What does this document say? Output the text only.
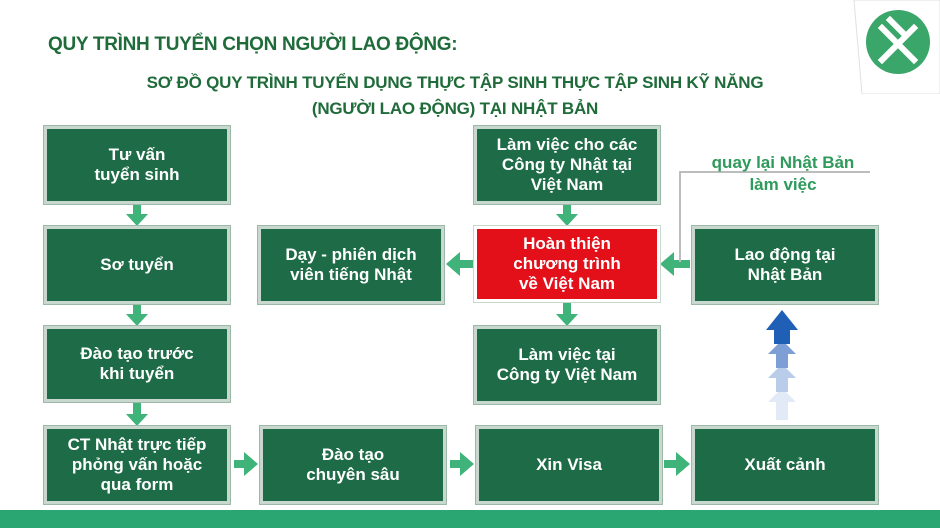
QUY TRÌNH TUYỂN CHỌN NGƯỜI LAO ĐỘNG:
SƠ ĐỒ QUY TRÌNH TUYỂN DỤNG THỰC TẬP SINH THỰC TẬP SINH KỸ NĂNG
(NGƯỜI LAO ĐỘNG) TẠI NHẬT BẢN
Tư vấn
tuyển sinh
Sơ tuyển
Đào tạo trước
khi tuyển
CT Nhật trực tiếp
phỏng vấn hoặc
qua form
Đào tạo
chuyên sâu
Xin Visa	Xuất cảnh
Lao động tại
Nhật Bản
Làm việc cho các
Công ty Nhật tại
Việt Nam
Hoàn thiện
chương trình
về Việt Nam
Dạy - phiên dịch
viên tiếng Nhật
Làm việc tại
Công ty Việt Nam
quay lại Nhật Bản
làm việc
